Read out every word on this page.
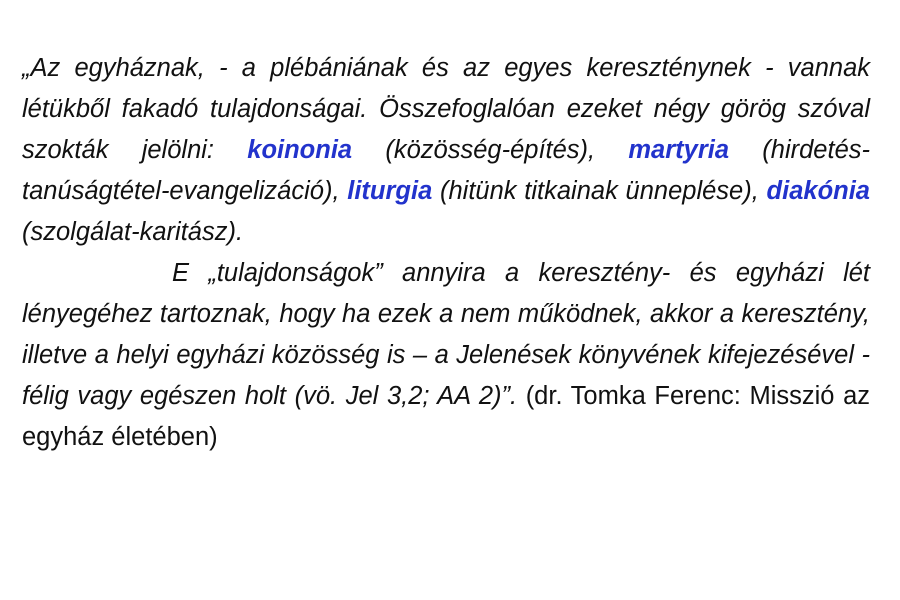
„Az egyháznak, - a plébániának és az egyes kereszténynek - vannak létükből fakadó tulajdonságai. Összefoglalóan ezeket négy görög szóval szokták jelölni: koinonia (közösség-építés), martyria (hirdetés-tanúságtétel-evangelizáció), liturgia (hitünk titkainak ünneplése), diakónia (szolgálat-karitász).

E „tulajdonságok” annyira a keresztény- és egyházi lét lényegéhez tartoznak, hogy ha ezek a nem működnek, akkor a keresztény, illetve a helyi egyházi közösség is – a Jelenések könyvének kifejezésével - félig vagy egészen holt (vö. Jel 3,2; AA 2)”. (dr. Tomka Ferenc: Misszió az egyház életében)
